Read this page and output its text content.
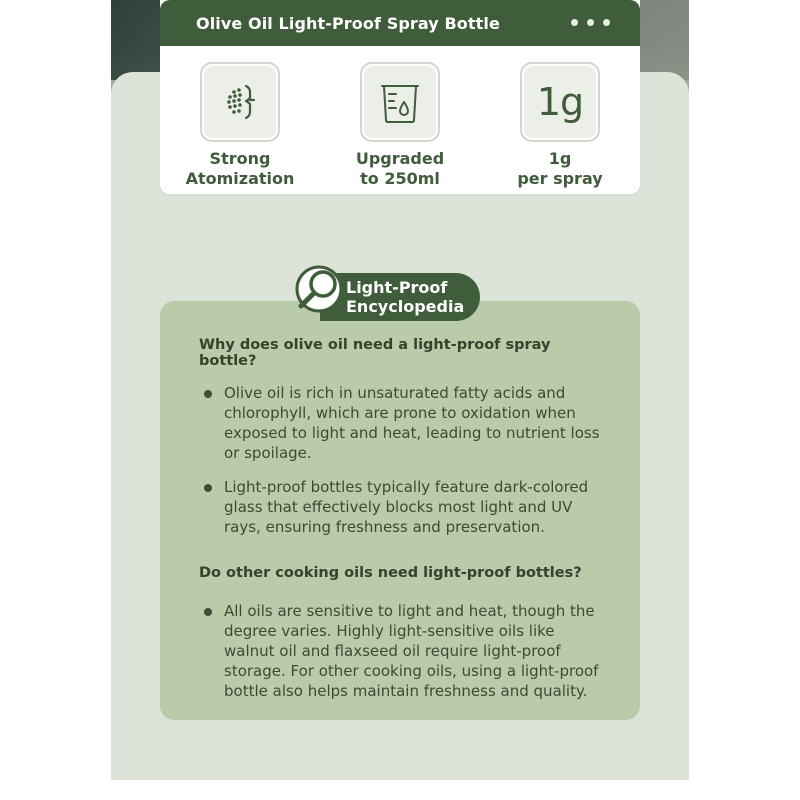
Olive Oil Light-Proof Spray Bottle
Strong
Atomization
Upgraded
to 250ml
1g
1g
per spray
Light-Proof
Encyclopedia
Why does olive oil need a light-proof spray bottle?

Olive oil is rich in unsaturated fatty acids and chlorophyll, which are prone to oxidation when exposed to light and heat, leading to nutrient loss or spoilage.

Light-proof bottles typically feature dark-colored glass that effectively blocks most light and UV rays, ensuring freshness and preservation.

Do other cooking oils need light-proof bottles?

All oils are sensitive to light and heat, though the degree varies. Highly light-sensitive oils like walnut oil and flaxseed oil require light-proof storage. For other cooking oils, using a light-proof bottle also helps maintain freshness and quality.
